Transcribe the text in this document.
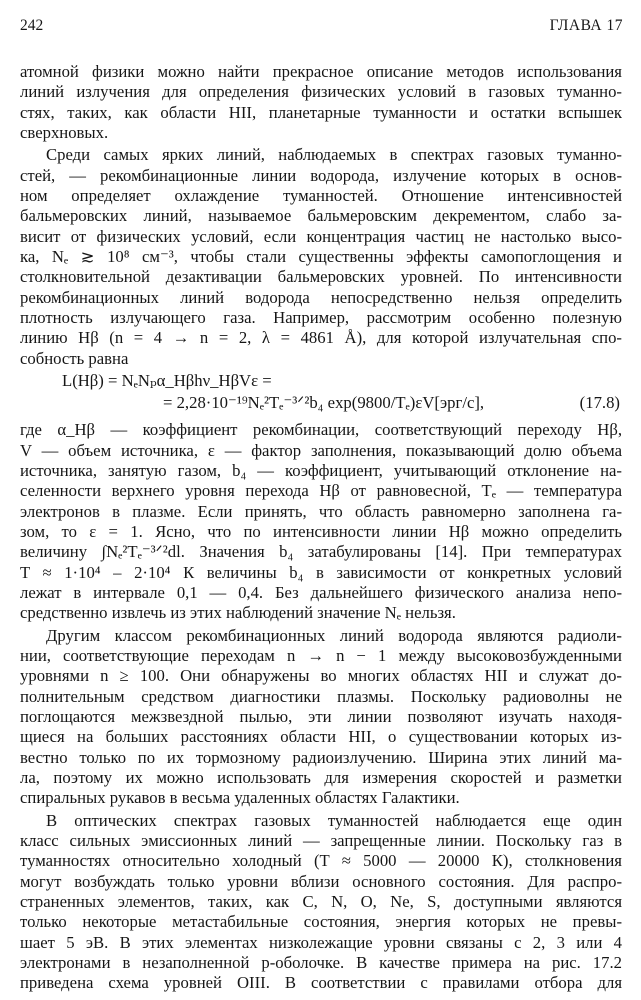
242	ГЛАВА 17

атомной физики можно найти прекрасное описание методов использования

линий излучения для определения физических условий в газовых туманно-

стях, таких, как области НII, планетарные туманности и остатки вспышек

сверхновых.

Среди самых ярких линий, наблюдаемых в спектрах газовых туманно-

стей, — рекомбинационные линии водорода, излучение которых в основ-

ном определяет охлаждение туманностей. Отношение интенсивностей

бальмеровских линий, называемое бальмеровским декрементом, слабо за-

висит от физических условий, если концентрация частиц не настолько высо-

ка, Nₑ ≳ 10⁸ см⁻³, чтобы стали существенны эффекты самопоглощения и

столкновительной дезактивации бальмеровских уровней. По интенсивности

рекомбинационных линий водорода непосредственно нельзя определить

плотность излучающего газа. Например, рассмотрим особенно полезную

линию Hβ (n = 4 → n = 2, λ = 4861 Å), для которой излучательная спо-

собность равна

L(Hβ) = NₑNₚα_Hβhν_HβVε =
= 2,28·10⁻¹⁹Nₑ²Tₑ⁻³ᐟ²b₄ exp(9800/Tₑ)εV[эрг/с],	(17.8)

где α_Hβ — коэффициент рекомбинации, соответствующий переходу Hβ,

V — объем источника, ε — фактор заполнения, показывающий долю объема

источника, занятую газом, b₄ — коэффициент, учитывающий отклонение на-

селенности верхнего уровня перехода Hβ от равновесной, Tₑ — температура

электронов в плазме. Если принять, что область равномерно заполнена га-

зом, то ε = 1. Ясно, что по интенсивности линии Hβ можно определить

величину ∫Nₑ²Tₑ⁻³ᐟ²dl. Значения b₄ затабулированы [14]. При температурах

T ≈ 1·10⁴ – 2·10⁴ К величины b₄ в зависимости от конкретных условий

лежат в интервале 0,1 — 0,4. Без дальнейшего физического анализа непо-

средственно извлечь из этих наблюдений значение Nₑ нельзя.

Другим классом рекомбинационных линий водорода являются радиоли-

нии, соответствующие переходам n → n − 1 между высоковозбужденными

уровнями n ≥ 100. Они обнаружены во многих областях НII и служат до-

полнительным средством диагностики плазмы. Поскольку радиоволны не

поглощаются межзвездной пылью, эти линии позволяют изучать находя-

щиеся на больших расстояниях области НII, о существовании которых из-

вестно только по их тормозному радиоизлучению. Ширина этих линий ма-

ла, поэтому их можно использовать для измерения скоростей и разметки

спиральных рукавов в весьма удаленных областях Галактики.

В оптических спектрах газовых туманностей наблюдается еще один

класс сильных эмиссионных линий — запрещенные линии. Поскольку газ в

туманностях относительно холодный (T ≈ 5000 — 20000 К), столкновения

могут возбуждать только уровни вблизи основного состояния. Для распро-

страненных элементов, таких, как C, N, O, Ne, S, доступными являются

только некоторые метастабильные состояния, энергия которых не превы-

шает 5 эВ. В этих элементах низколежащие уровни связаны с 2, 3 или 4

электронами в незаполненной p-оболочке. В качестве примера на рис. 17.2

приведена схема уровней OIII. В соответствии с правилами отбора для
